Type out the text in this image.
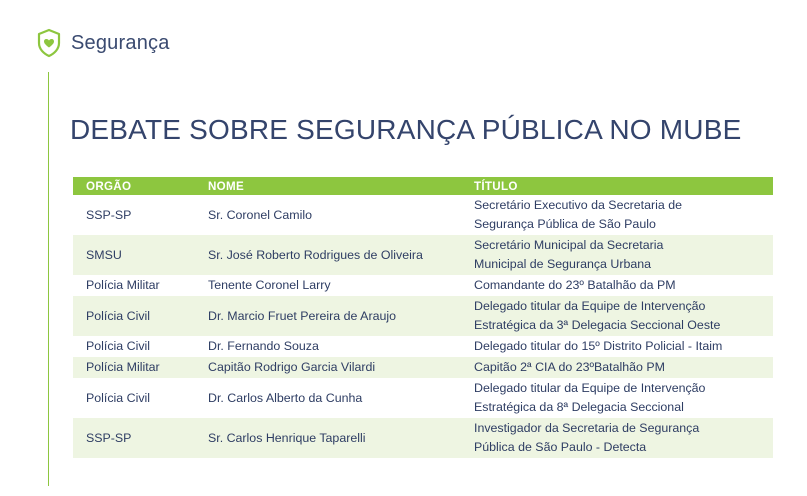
Segurança
DEBATE SOBRE SEGURANÇA PÚBLICA NO MUBE
ORGÃO	NOME	TÍTULO
SSP-SP	Sr. Coronel Camilo	Secretário Executivo da Secretaria de
Segurança Pública de São Paulo

SMSU	Sr. José Roberto Rodrigues de Oliveira	Secretário Municipal da Secretaria
Municipal de Segurança Urbana

Polícia Militar	Tenente Coronel Larry	Comandante do 23º Batalhão da PM

Polícia Civil	Dr. Marcio Fruet Pereira de Araujo	Delegado titular da Equipe de Intervenção
Estratégica da 3ª Delegacia Seccional Oeste

Polícia Civil	Dr. Fernando Souza	Delegado titular do 15º Distrito Policial - Itaim

Polícia Militar	Capitão Rodrigo Garcia Vilardi	Capitão 2ª CIA do 23ºBatalhão PM

Polícia Civil	Dr. Carlos Alberto da Cunha	Delegado titular da Equipe de Intervenção
Estratégica da 8ª Delegacia Seccional

SSP-SP	Sr. Carlos Henrique Taparelli	Investigador da Secretaria de Segurança
Pública de São Paulo - Detecta
